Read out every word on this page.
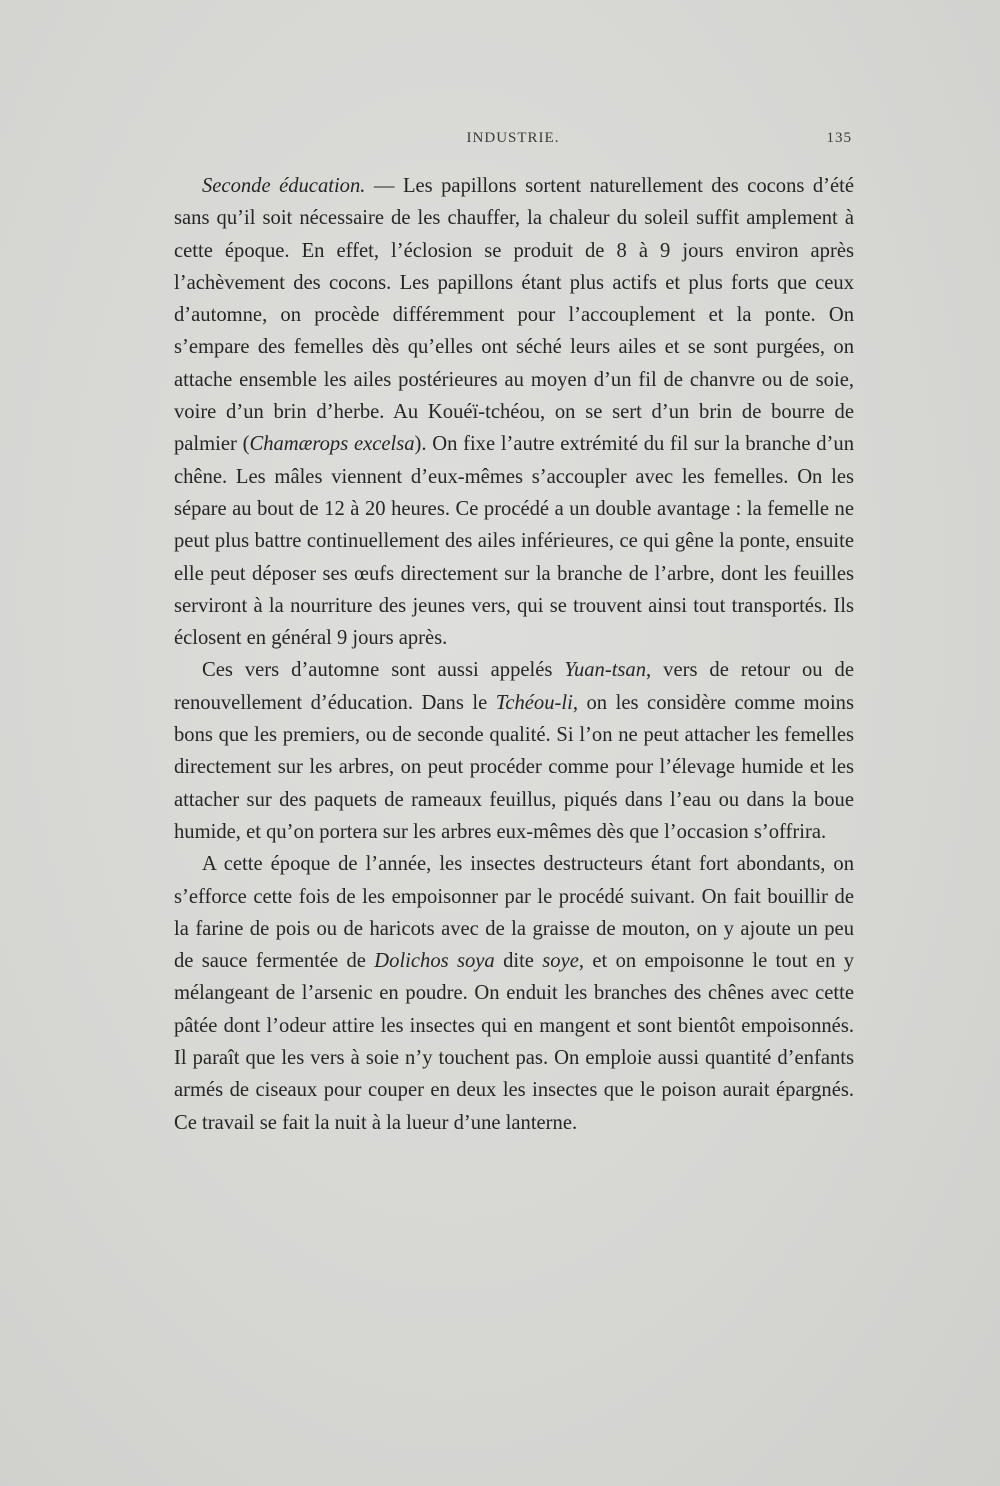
INDUSTRIE.	135

Seconde éducation. — Les papillons sortent naturellement des cocons d’été sans qu’il soit nécessaire de les chauffer, la chaleur du soleil suffit amplement à cette époque. En effet, l’éclosion se produit de 8 à 9 jours environ après l’achèvement des cocons. Les papillons étant plus actifs et plus forts que ceux d’automne, on procède différemment pour l’accouplement et la ponte. On s’empare des femelles dès qu’elles ont séché leurs ailes et se sont purgées, on attache ensemble les ailes postérieures au moyen d’un fil de chanvre ou de soie, voire d’un brin d’herbe. Au Kouéï-tchéou, on se sert d’un brin de bourre de palmier (Chamærops excelsa). On fixe l’autre extrémité du fil sur la branche d’un chêne. Les mâles viennent d’eux-mêmes s’accoupler avec les femelles. On les sépare au bout de 12 à 20 heures. Ce procédé a un double avantage : la femelle ne peut plus battre continuellement des ailes inférieures, ce qui gêne la ponte, ensuite elle peut déposer ses œufs directement sur la branche de l’arbre, dont les feuilles serviront à la nourriture des jeunes vers, qui se trouvent ainsi tout transportés. Ils éclosent en général 9 jours après.

Ces vers d’automne sont aussi appelés Yuan-tsan, vers de retour ou de renouvellement d’éducation. Dans le Tchéou-li, on les considère comme moins bons que les premiers, ou de seconde qualité. Si l’on ne peut attacher les femelles directement sur les arbres, on peut procéder comme pour l’élevage humide et les attacher sur des paquets de rameaux feuillus, piqués dans l’eau ou dans la boue humide, et qu’on portera sur les arbres eux-mêmes dès que l’occasion s’offrira.

A cette époque de l’année, les insectes destructeurs étant fort abondants, on s’efforce cette fois de les empoisonner par le procédé suivant. On fait bouillir de la farine de pois ou de haricots avec de la graisse de mouton, on y ajoute un peu de sauce fermentée de Dolichos soya dite soye, et on empoisonne le tout en y mélangeant de l’arsenic en poudre. On enduit les branches des chênes avec cette pâtée dont l’odeur attire les insectes qui en mangent et sont bientôt empoisonnés. Il paraît que les vers à soie n’y touchent pas. On emploie aussi quantité d’enfants armés de ciseaux pour couper en deux les insectes que le poison aurait épargnés. Ce travail se fait la nuit à la lueur d’une lanterne.
